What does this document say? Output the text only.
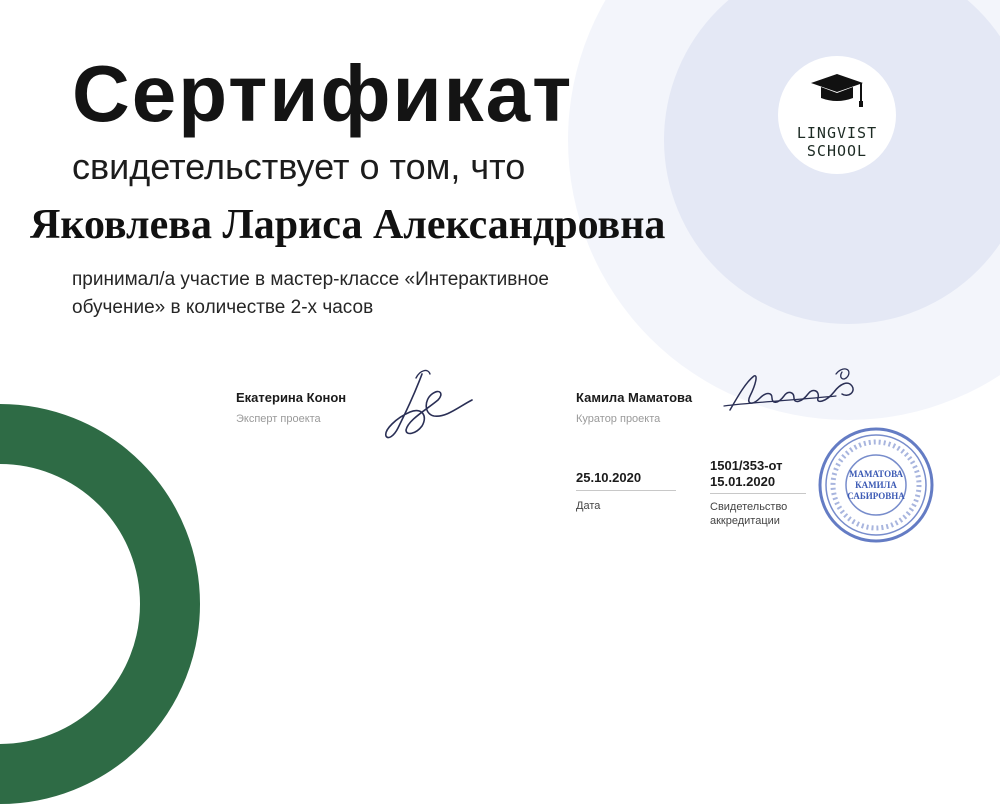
LINGVIST
SCHOOL
Сертификат
свидетельствует о том, что
Яковлева Лариса Александровна
принимал/а участие в мастер-классе «Интерактивное
обучение» в количестве 2-х часов
Екатерина Конон
Эксперт проекта
Камила Маматова
Куратор проекта
25.10.2020
Дата
1501/353-от
15.01.2020
Свидетельство
аккредитации
МАМАТОВА
КАМИЛА
САБИРОВНА
